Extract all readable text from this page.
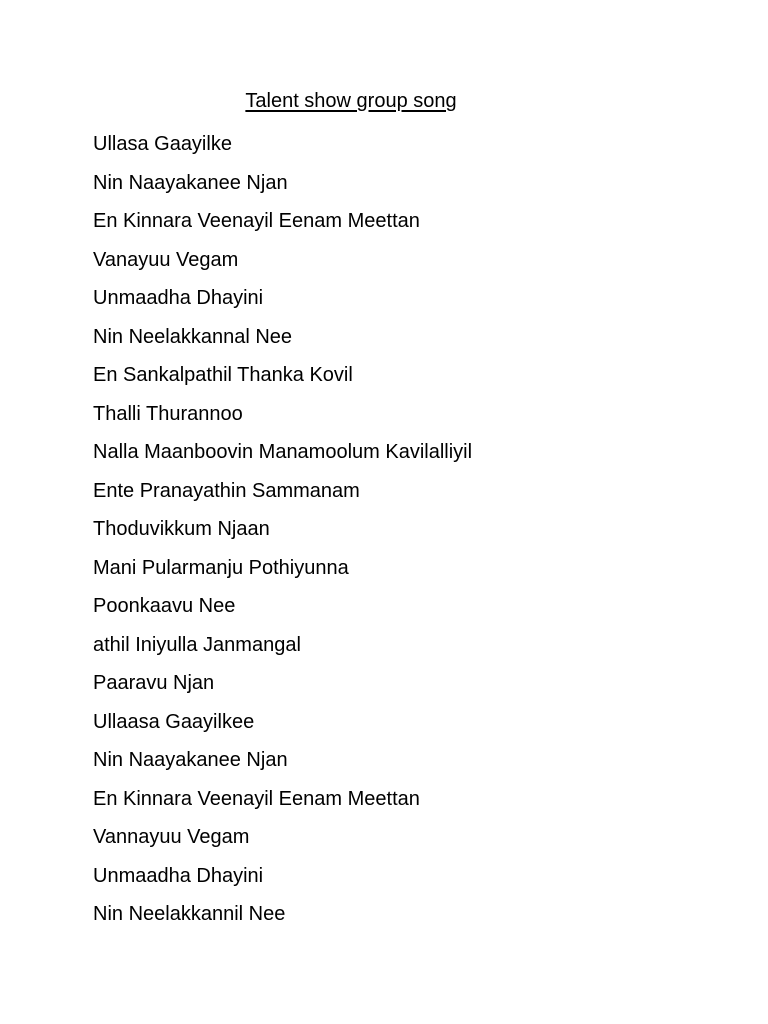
Talent show group song
Ullasa Gaayilke
Nin Naayakanee Njan
En Kinnara Veenayil Eenam Meettan
Vanayuu Vegam
Unmaadha Dhayini
Nin Neelakkannal Nee
En Sankalpathil Thanka Kovil
Thalli Thurannoo
Nalla Maanboovin Manamoolum Kavilalliyil
Ente Pranayathin Sammanam
Thoduvikkum Njaan
Mani Pularmanju Pothiyunna
Poonkaavu Nee
athil Iniyulla Janmangal
Paaravu Njan
Ullaasa Gaayilkee
Nin Naayakanee Njan
En Kinnara Veenayil Eenam Meettan
Vannayuu Vegam
Unmaadha Dhayini
Nin Neelakkannil Nee
